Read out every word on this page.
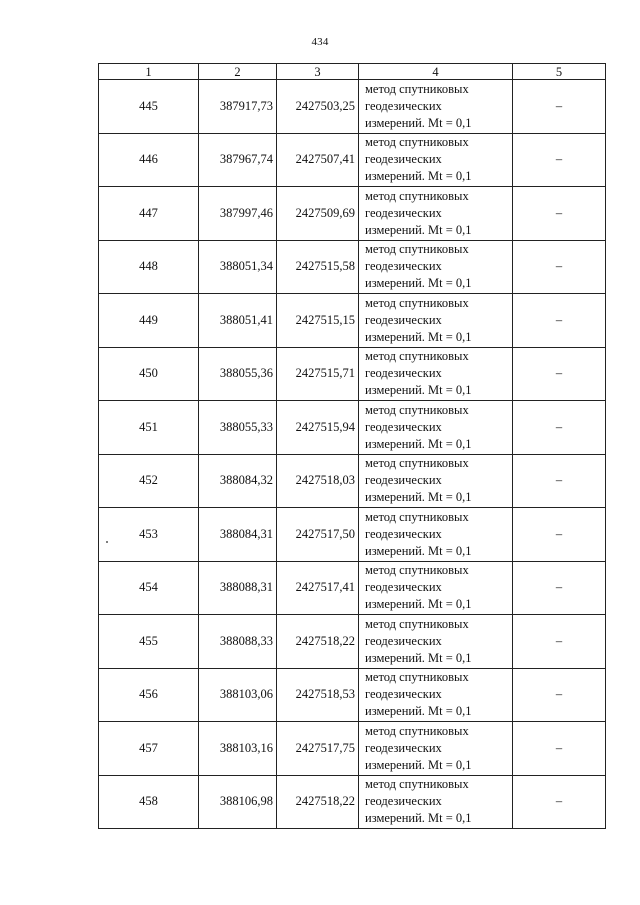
434
1	2	3	4	5
445	387917,73	2427503,25	метод спутниковых
геодезических
измерений. Mt = 0,1	–
446	387967,74	2427507,41	метод спутниковых
геодезических
измерений. Mt = 0,1	–
447	387997,46	2427509,69	метод спутниковых
геодезических
измерений. Mt = 0,1	–
448	388051,34	2427515,58	метод спутниковых
геодезических
измерений. Mt = 0,1	–
449	388051,41	2427515,15	метод спутниковых
геодезических
измерений. Mt = 0,1	–
450	388055,36	2427515,71	метод спутниковых
геодезических
измерений. Mt = 0,1	–
451	388055,33	2427515,94	метод спутниковых
геодезических
измерений. Mt = 0,1	–
452	388084,32	2427518,03	метод спутниковых
геодезических
измерений. Mt = 0,1	–
453	388084,31	2427517,50	метод спутниковых
геодезических
измерений. Mt = 0,1	–
454	388088,31	2427517,41	метод спутниковых
геодезических
измерений. Mt = 0,1	–
455	388088,33	2427518,22	метод спутниковых
геодезических
измерений. Mt = 0,1	–
456	388103,06	2427518,53	метод спутниковых
геодезических
измерений. Mt = 0,1	–
457	388103,16	2427517,75	метод спутниковых
геодезических
измерений. Mt = 0,1	–
458	388106,98	2427518,22	метод спутниковых
геодезических
измерений. Mt = 0,1	–
